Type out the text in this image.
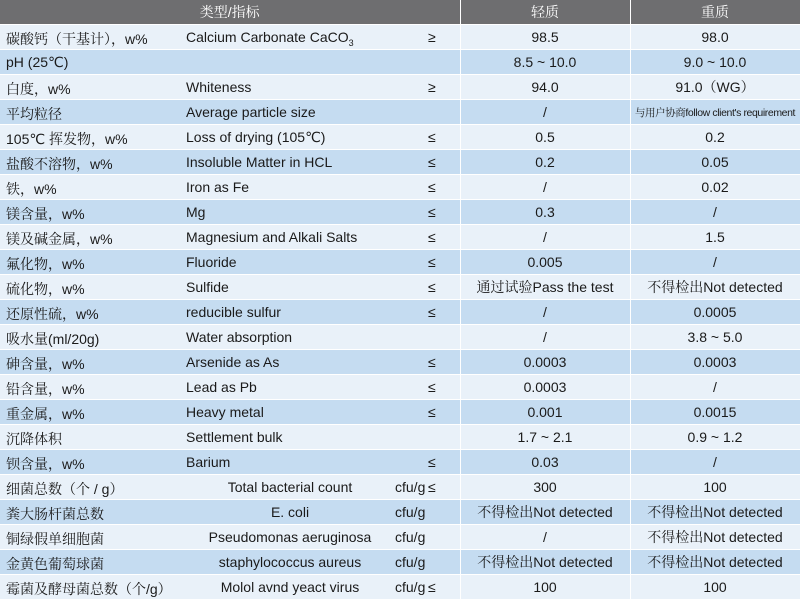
类型/指标	轻质	重质

碳酸钙（干基计），w% Calcium Carbonate CaCO$_3$ ≥	98.5	98.0

pH (25℃)	8.5 ~ 10.0	9.0 ~ 10.0

白度，w% Whiteness ≥	94.0	91.0（WG）

平均粒径 Average particle size	/	与用户协商follow client's requirement

105℃ 挥发物，w% Loss of drying (105℃) ≤	0.5	0.2

盐酸不溶物，w% Insoluble Matter in HCL ≤	0.2	0.05

铁，w% Iron as Fe ≤	/	0.02

镁含量，w% Mg ≤	0.3	/

镁及碱金属，w% Magnesium and Alkali Salts ≤	/	1.5

氟化物，w% Fluoride ≤	0.005	/

硫化物，w% Sulfide ≤	通过试验Pass the test	不得检出Not detected

还原性硫，w% reducible sulfur ≤	/	0.0005

吸水量(ml/20g) Water absorption	/	3.8 ~ 5.0

砷含量，w% Arsenide as As ≤	0.0003	0.0003

铅含量，w% Lead as Pb ≤	0.0003	/

重金属，w% Heavy metal ≤	0.001	0.0015

沉降体积 Settlement bulk	1.7 ~ 2.1	0.9 ~ 1.2

钡含量，w% Barium ≤	0.03	/

细菌总数（个 / g） Total bacterial count cfu/g ≤	300	100

粪大肠杆菌总数 E. coli cfu/g	不得检出Not detected	不得检出Not detected

铜绿假单细胞菌 Pseudomonas aeruginosa cfu/g	/	不得检出Not detected

金黄色葡萄球菌 staphylococcus aureus cfu/g	不得检出Not detected	不得检出Not detected

霉菌及酵母菌总数（个/g） Molol avnd yeact virus cfu/g ≤	100	100
